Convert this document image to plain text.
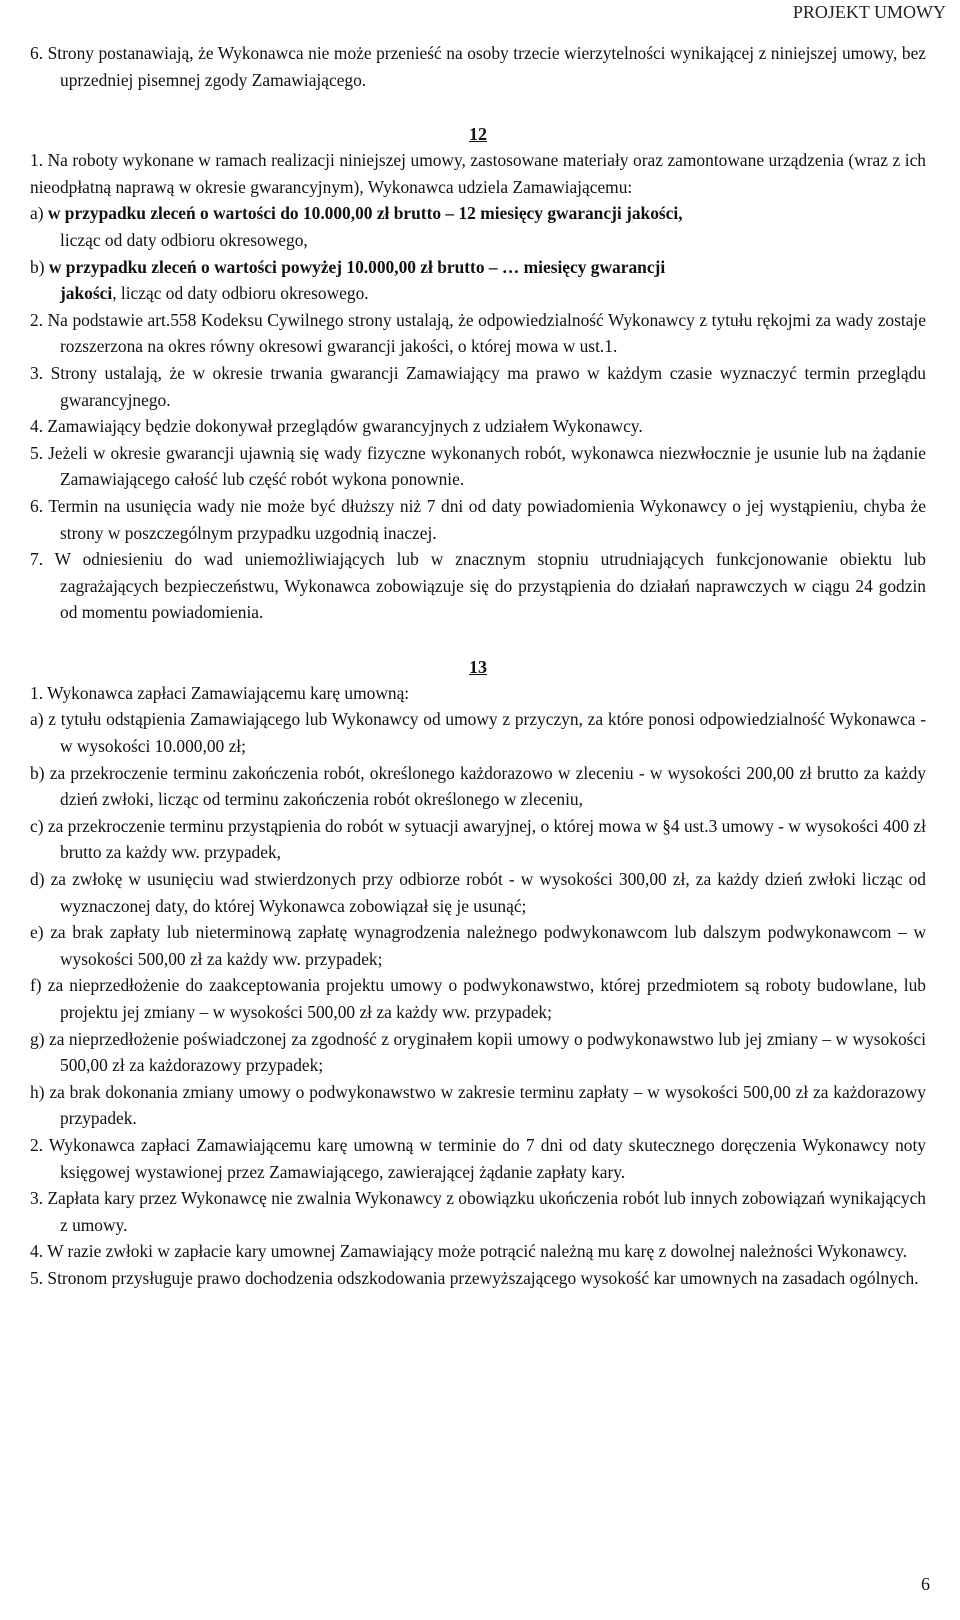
PROJEKT UMOWY
6. Strony postanawiają, że Wykonawca nie może przenieść na osoby trzecie wierzytelności wynikającej z niniejszej umowy, bez uprzedniej pisemnej zgody Zamawiającego.
12
1. Na roboty wykonane w ramach realizacji niniejszej umowy, zastosowane materiały oraz zamontowane urządzenia (wraz z ich nieodpłatną naprawą w okresie gwarancyjnym), Wykonawca udziela Zamawiającemu:
a) w przypadku zleceń o wartości do 10.000,00 zł brutto – 12 miesięcy gwarancji jakości,
licząc od daty odbioru okresowego,
b) w przypadku zleceń o wartości powyżej 10.000,00 zł brutto – … miesięcy gwarancji
jakości, licząc od daty odbioru okresowego.
2. Na podstawie art.558 Kodeksu Cywilnego strony ustalają, że odpowiedzialność Wykonawcy z tytułu rękojmi za wady zostaje rozszerzona na okres równy okresowi gwarancji jakości, o której mowa w ust.1.
3. Strony ustalają, że w okresie trwania gwarancji Zamawiający ma prawo w każdym czasie wyznaczyć termin przeglądu gwarancyjnego.
4. Zamawiający będzie dokonywał przeglądów gwarancyjnych z udziałem Wykonawcy.
5. Jeżeli w okresie gwarancji ujawnią się wady fizyczne wykonanych robót, wykonawca niezwłocznie je usunie lub na żądanie Zamawiającego całość lub część robót wykona ponownie.
6. Termin na usunięcia wady nie może być dłuższy niż 7 dni od daty powiadomienia Wykonawcy o jej wystąpieniu, chyba że strony w poszczególnym przypadku uzgodnią inaczej.
7. W odniesieniu do wad uniemożliwiających lub w znacznym stopniu utrudniających funkcjonowanie obiektu lub zagrażających bezpieczeństwu, Wykonawca zobowiązuje się do przystąpienia do działań naprawczych w ciągu 24 godzin od momentu powiadomienia.
13
1. Wykonawca zapłaci Zamawiającemu karę umowną:
a) z tytułu odstąpienia Zamawiającego lub Wykonawcy od umowy z przyczyn, za które ponosi odpowiedzialność Wykonawca - w wysokości 10.000,00 zł;
b) za przekroczenie terminu zakończenia robót, określonego każdorazowo w zleceniu - w wysokości 200,00 zł brutto za każdy dzień zwłoki, licząc od terminu zakończenia robót określonego w zleceniu,
c) za przekroczenie terminu przystąpienia do robót w sytuacji awaryjnej, o której mowa w §4 ust.3 umowy - w wysokości 400 zł brutto za każdy ww. przypadek,
d) za zwłokę w usunięciu wad stwierdzonych przy odbiorze robót - w wysokości 300,00 zł, za każdy dzień zwłoki licząc od wyznaczonej daty, do której Wykonawca zobowiązał się je usunąć;
e) za brak zapłaty lub nieterminową zapłatę wynagrodzenia należnego podwykonawcom lub dalszym podwykonawcom – w wysokości 500,00 zł za każdy ww. przypadek;
f) za nieprzedłożenie do zaakceptowania projektu umowy o podwykonawstwo, której przedmiotem są roboty budowlane, lub projektu jej zmiany – w wysokości 500,00 zł za każdy ww. przypadek;
g) za nieprzedłożenie poświadczonej za zgodność z oryginałem kopii umowy o podwykonawstwo lub jej zmiany – w wysokości 500,00 zł za każdorazowy przypadek;
h) za brak dokonania zmiany umowy o podwykonawstwo w zakresie terminu zapłaty – w wysokości 500,00 zł za każdorazowy przypadek.
2. Wykonawca zapłaci Zamawiającemu karę umowną w terminie do 7 dni od daty skutecznego doręczenia Wykonawcy noty księgowej wystawionej przez Zamawiającego, zawierającej żądanie zapłaty kary.
3. Zapłata kary przez Wykonawcę nie zwalnia Wykonawcy z obowiązku ukończenia robót lub innych zobowiązań wynikających z umowy.
4. W razie zwłoki w zapłacie kary umownej Zamawiający może potrącić należną mu karę z dowolnej należności Wykonawcy.
5. Stronom przysługuje prawo dochodzenia odszkodowania przewyższającego wysokość kar umownych na zasadach ogólnych.
6
